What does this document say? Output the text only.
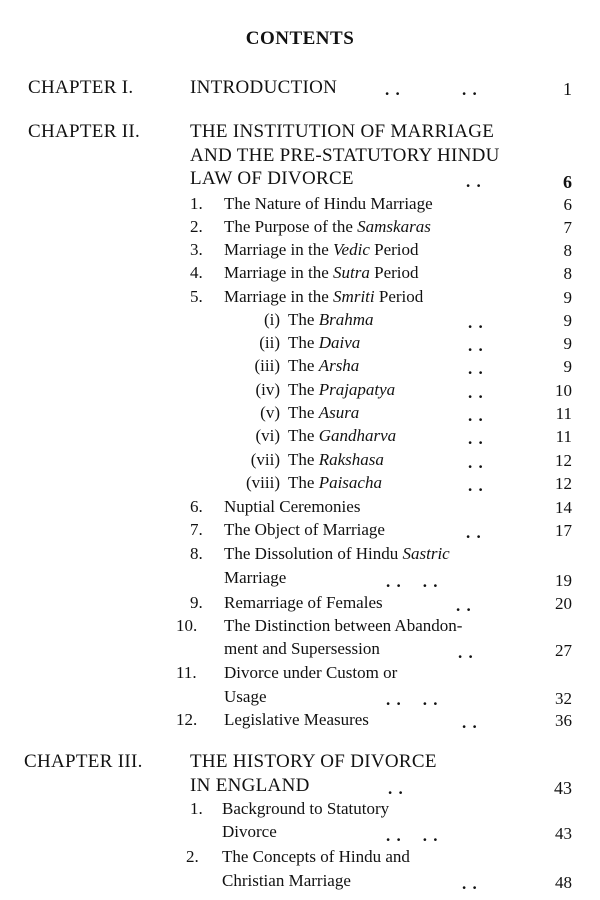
CONTENTS
CHAPTER I.	INTRODUCTION	. .	. .	1
CHAPTER II.	THE INSTITUTION OF MARRIAGE
AND THE PRE-STATUTORY HINDU
LAW OF DIVORCE	. .	6
1. The Nature of Hindu Marriage	6
2. The Purpose of the Samskaras	7
3. Marriage in the Vedic Period	8
4. Marriage in the Sutra Period	8
5. Marriage in the Smriti Period	9
(i) The Brahma	. .	9
(ii) The Daiva	. .	9
(iii) The Arsha	. .	9
(iv) The Prajapatya	. .	10
(v) The Asura	. .	11
(vi) The Gandharva	. .	11
(vii) The Rakshasa	. .	12
(viii) The Paisacha	. .	12
6. Nuptial Ceremonies	14
7. The Object of Marriage	. .	17
8. The Dissolution of Hindu Sastric
Marriage	. .    . .	19
9. Remarriage of Females	. .	20
10. The Distinction between Abandon-
ment and Supersession	. .	27
11. Divorce under Custom or
Usage	. .    . .	32
12. Legislative Measures	. .	36
CHAPTER III. THE HISTORY OF DIVORCE
IN ENGLAND	. .	43
1. Background to Statutory
Divorce	. .    . .	43
2. The Concepts of Hindu and
Christian Marriage	. .	48
